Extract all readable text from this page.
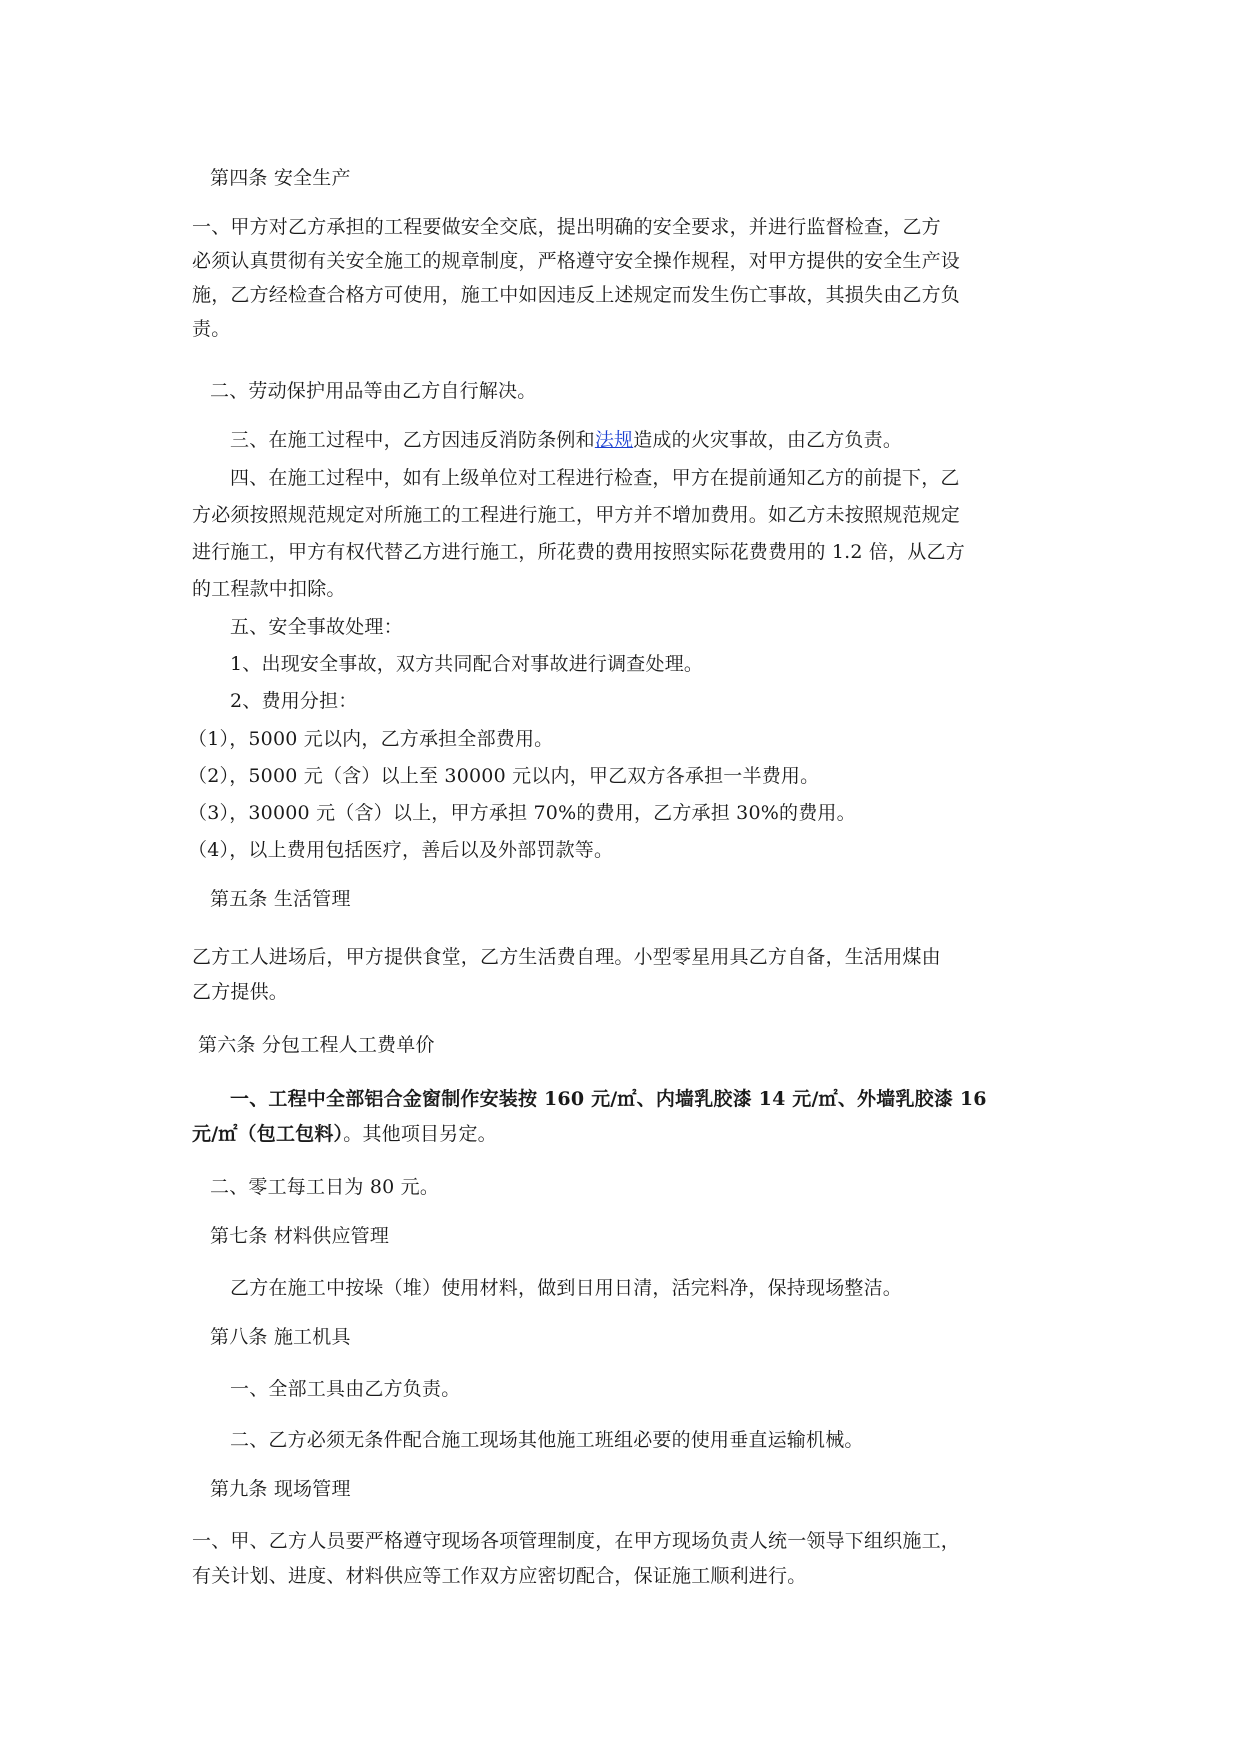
第四条 安全生产
一、甲方对乙方承担的工程要做安全交底，提出明确的安全要求，并进行监督检查，乙方
必须认真贯彻有关安全施工的规章制度，严格遵守安全操作规程，对甲方提供的安全生产设
施，乙方经检查合格方可使用，施工中如因违反上述规定而发生伤亡事故，其损失由乙方负
责。
二、劳动保护用品等由乙方自行解决。
三、在施工过程中，乙方因违反消防条例和法规造成的火灾事故，由乙方负责。
四、在施工过程中，如有上级单位对工程进行检查，甲方在提前通知乙方的前提下，乙
方必须按照规范规定对所施工的工程进行施工，甲方并不增加费用。如乙方未按照规范规定
进行施工，甲方有权代替乙方进行施工，所花费的费用按照实际花费费用的 1.2 倍，从乙方
的工程款中扣除。
五、安全事故处理：
1、出现安全事故，双方共同配合对事故进行调查处理。
2、费用分担：
（1），5000 元以内，乙方承担全部费用。
（2），5000 元（含）以上至 30000 元以内，甲乙双方各承担一半费用。
（3），30000 元（含）以上，甲方承担 70%的费用，乙方承担 30%的费用。
（4），以上费用包括医疗，善后以及外部罚款等。
第五条 生活管理
乙方工人进场后，甲方提供食堂，乙方生活费自理。小型零星用具乙方自备，生活用煤由
乙方提供。
第六条 分包工程人工费单价
一、工程中全部铝合金窗制作安装按 160 元/㎡、内墙乳胶漆 14 元/㎡、外墙乳胶漆 16
元/㎡（包工包料）。其他项目另定。
二、零工每工日为 80 元。
第七条 材料供应管理
乙方在施工中按垛（堆）使用材料，做到日用日清，活完料净，保持现场整洁。
第八条 施工机具
一、全部工具由乙方负责。
二、乙方必须无条件配合施工现场其他施工班组必要的使用垂直运输机械。
第九条 现场管理
一、甲、乙方人员要严格遵守现场各项管理制度，在甲方现场负责人统一领导下组织施工，
有关计划、进度、材料供应等工作双方应密切配合，保证施工顺利进行。
